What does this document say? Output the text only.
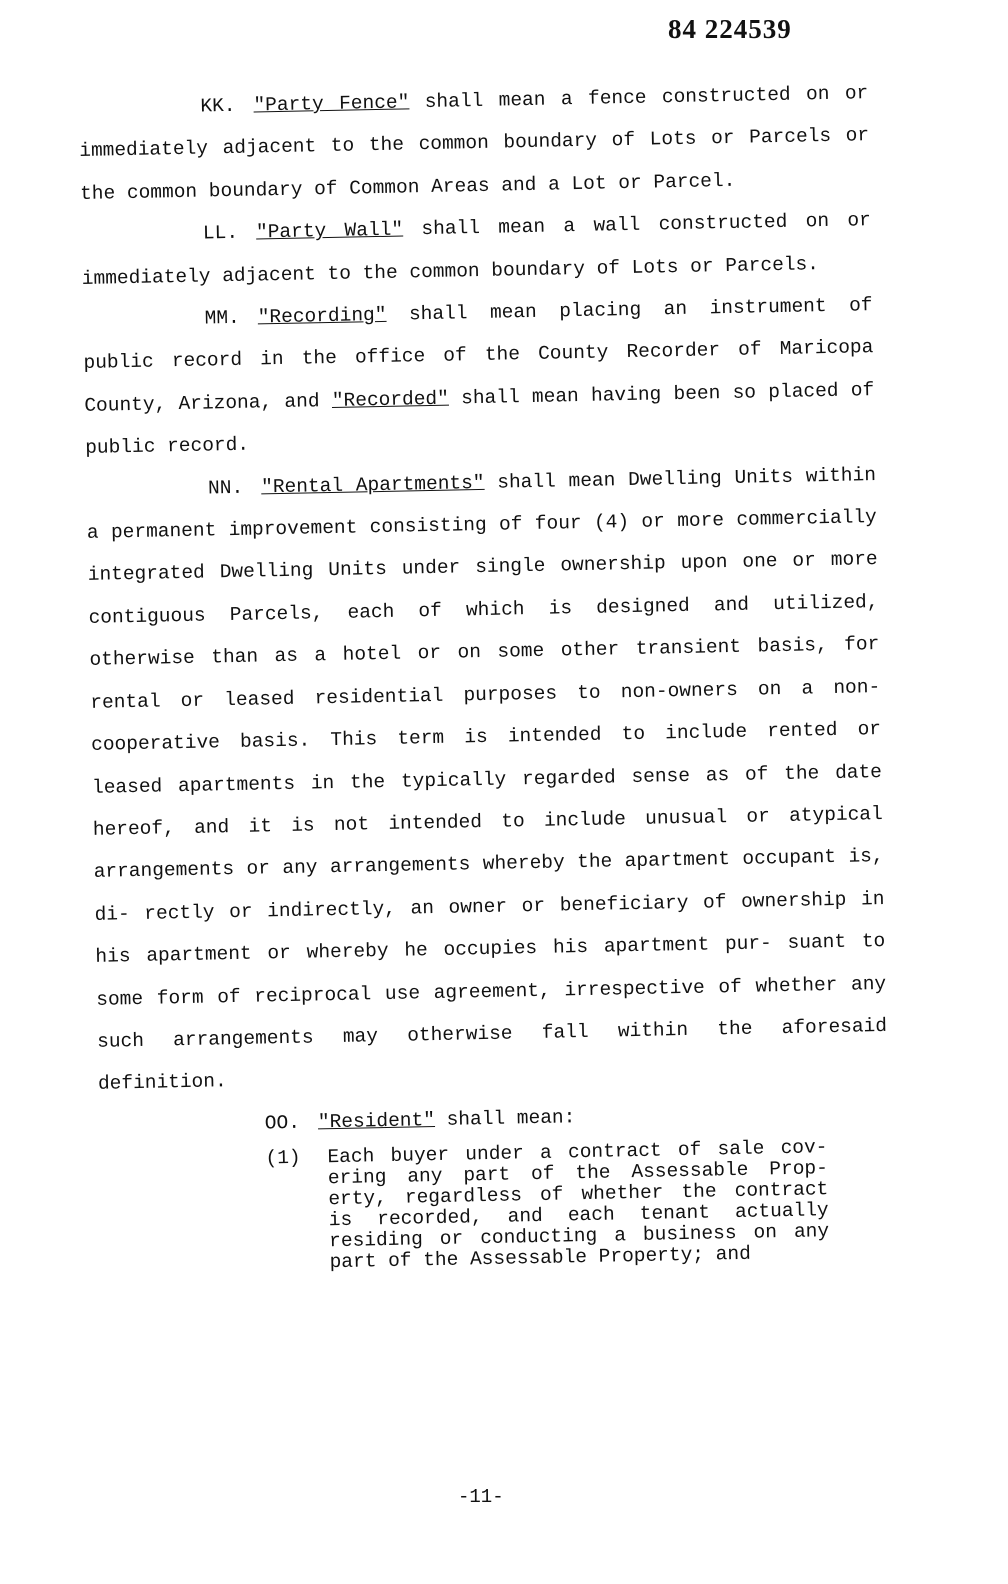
84 224539

KK. "Party Fence" shall mean a fence constructed on or immediately adjacent to the common boundary of Lots or Parcels or the common boundary of Common Areas and a Lot or Parcel.

LL. "Party Wall" shall mean a wall constructed on or immediately adjacent to the common boundary of Lots or Parcels.

MM. "Recording" shall mean placing an instrument of public record in the office of the County Recorder of Maricopa County, Arizona, and "Recorded" shall mean having been so placed of public record.

NN. "Rental Apartments" shall mean Dwelling Units within a permanent improvement consisting of four (4) or more commercially integrated Dwelling Units under single ownership upon one or more contiguous Parcels, each of which is designed and utilized, otherwise than as a hotel or on some other transient basis, for rental or leased residential purposes to non-owners on a non-cooperative basis. This term is intended to include rented or leased apartments in the typically regarded sense as of the date hereof, and it is not intended to include unusual or atypical arrangements or any arrangements whereby the apartment occupant is, di- rectly or indirectly, an owner or beneficiary of ownership in his apartment or whereby he occupies his apartment pur- suant to some form of reciprocal use agreement, irrespective of whether any such arrangements may otherwise fall within the aforesaid definition.

OO. "Resident" shall mean:

(1)	Each buyer under a contract of sale cov- ering any part of the Assessable Prop- erty, regardless of whether the contract is recorded, and each tenant actually residing or conducting a business on any part of the Assessable Property; and
-11-
